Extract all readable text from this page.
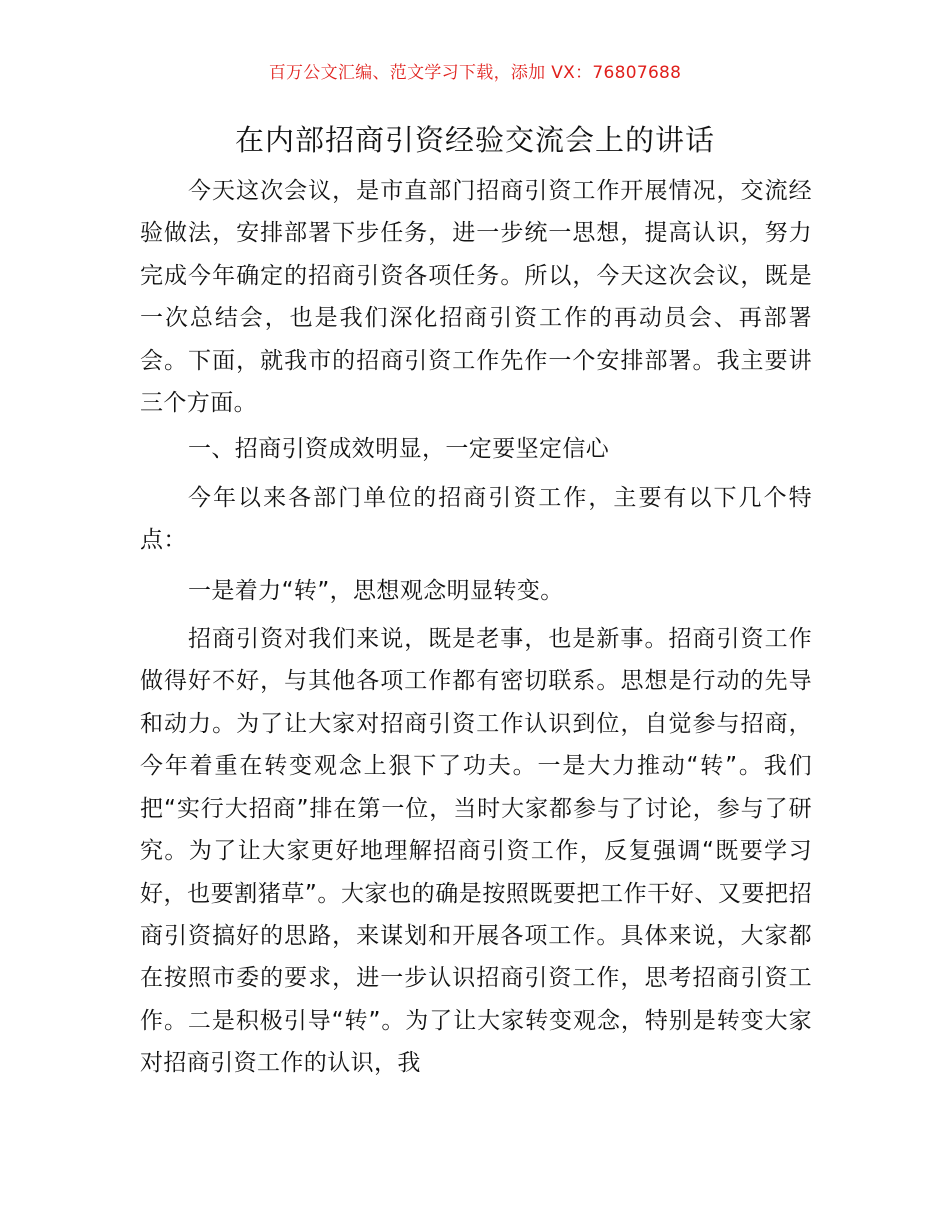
百万公文汇编、范文学习下载，添加 VX：76807688
在内部招商引资经验交流会上的讲话

今天这次会议，是市直部门招商引资工作开展情况，交流经验做法，安排部署下步任务，进一步统一思想，提高认识，努力完成今年确定的招商引资各项任务。所以，今天这次会议，既是一次总结会，也是我们深化招商引资工作的再动员会、再部署会。下面，就我市的招商引资工作先作一个安排部署。我主要讲三个方面。

一、招商引资成效明显，一定要坚定信心

今年以来各部门单位的招商引资工作，主要有以下几个特点：

一是着力“转”，思想观念明显转变。

招商引资对我们来说，既是老事，也是新事。招商引资工作做得好不好，与其他各项工作都有密切联系。思想是行动的先导和动力。为了让大家对招商引资工作认识到位，自觉参与招商，今年着重在转变观念上狠下了功夫。一是大力推动“转”。我们把“实行大招商”排在第一位，当时大家都参与了讨论，参与了研究。为了让大家更好地理解招商引资工作，反复强调“既要学习好，也要割猪草”。大家也的确是按照既要把工作干好、又要把招商引资搞好的思路，来谋划和开展各项工作。具体来说，大家都在按照市委的要求，进一步认识招商引资工作，思考招商引资工作。二是积极引导“转”。为了让大家转变观念，特别是转变大家对招商引资工作的认识，我
